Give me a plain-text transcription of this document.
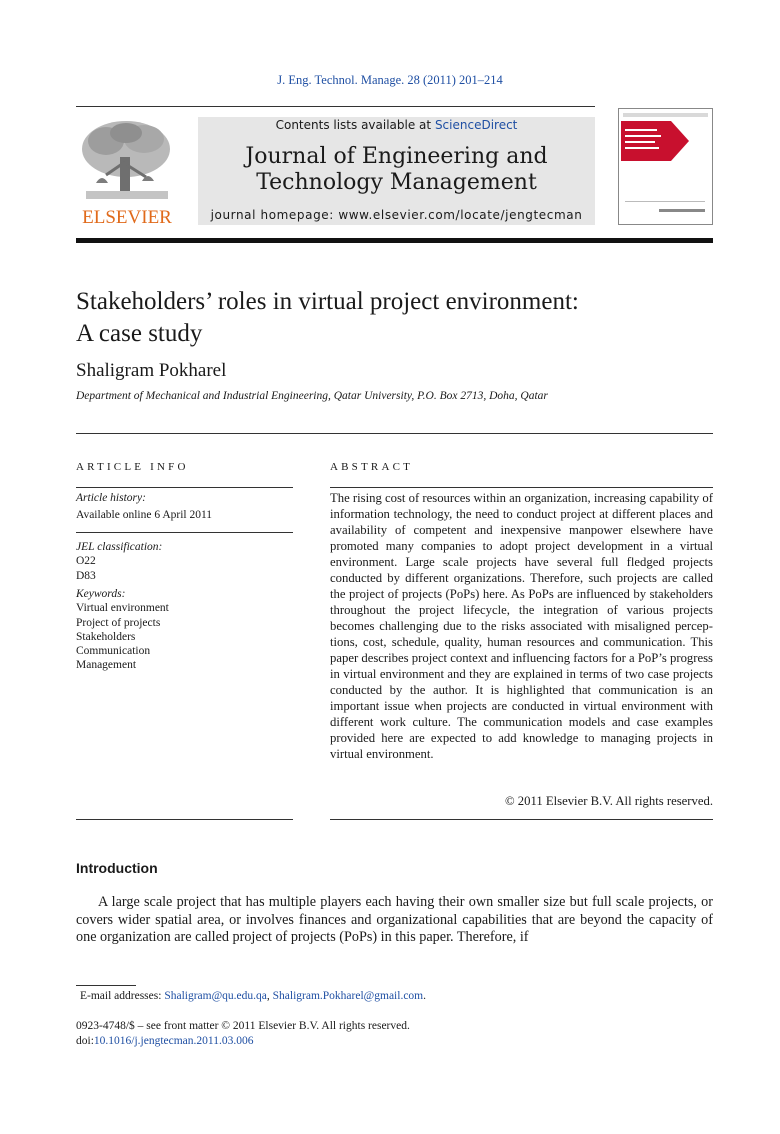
J. Eng. Technol. Manage. 28 (2011) 201–214
ELSEVIER
Contents lists available at ScienceDirect
Journal of Engineering and
Technology Management
journal homepage: www.elsevier.com/locate/jengtecman
Stakeholders’ roles in virtual project environment:
A case study
Shaligram Pokharel
Department of Mechanical and Industrial Engineering, Qatar University, P.O. Box 2713, Doha, Qatar
ARTICLE INFO
Article history:
Available online 6 April 2011
JEL classification:
O22
D83
Keywords:
Virtual environment
Project of projects
Stakeholders
Communication
Management
ABSTRACT
The rising cost of resources within an organization, increasing capability of information technology, the need to conduct project at different places and availability of competent and inexpensive manpower elsewhere have promoted many companies to adopt project development in a virtual environment. Large scale projects have several full fledged projects conducted by different organizations. Therefore, such projects are called the project of projects (PoPs) here. As PoPs are influenced by stakeholders throughout the project lifecycle, the integration of various projects becomes challenging due to the risks associated with misaligned perceptions, cost, schedule, quality, human resources and communication. This paper describes project context and influencing factors for a PoP’s progress in virtual environment and they are explained in terms of two case projects conducted by the author. It is highlighted that communication is an important issue when projects are conducted in virtual environment with different work culture. The communication models and case examples provided here are expected to add knowledge to managing projects in virtual environment.
© 2011 Elsevier B.V. All rights reserved.
Introduction
A large scale project that has multiple players each having their own smaller size but full scale projects, or covers wider spatial area, or involves finances and organizational capabilities that are beyond the capacity of one organization are called project of projects (PoPs) in this paper. Therefore, if
E-mail addresses: Shaligram@qu.edu.qa, Shaligram.Pokharel@gmail.com.
0923-4748/$ – see front matter © 2011 Elsevier B.V. All rights reserved.
doi:10.1016/j.jengtecman.2011.03.006
